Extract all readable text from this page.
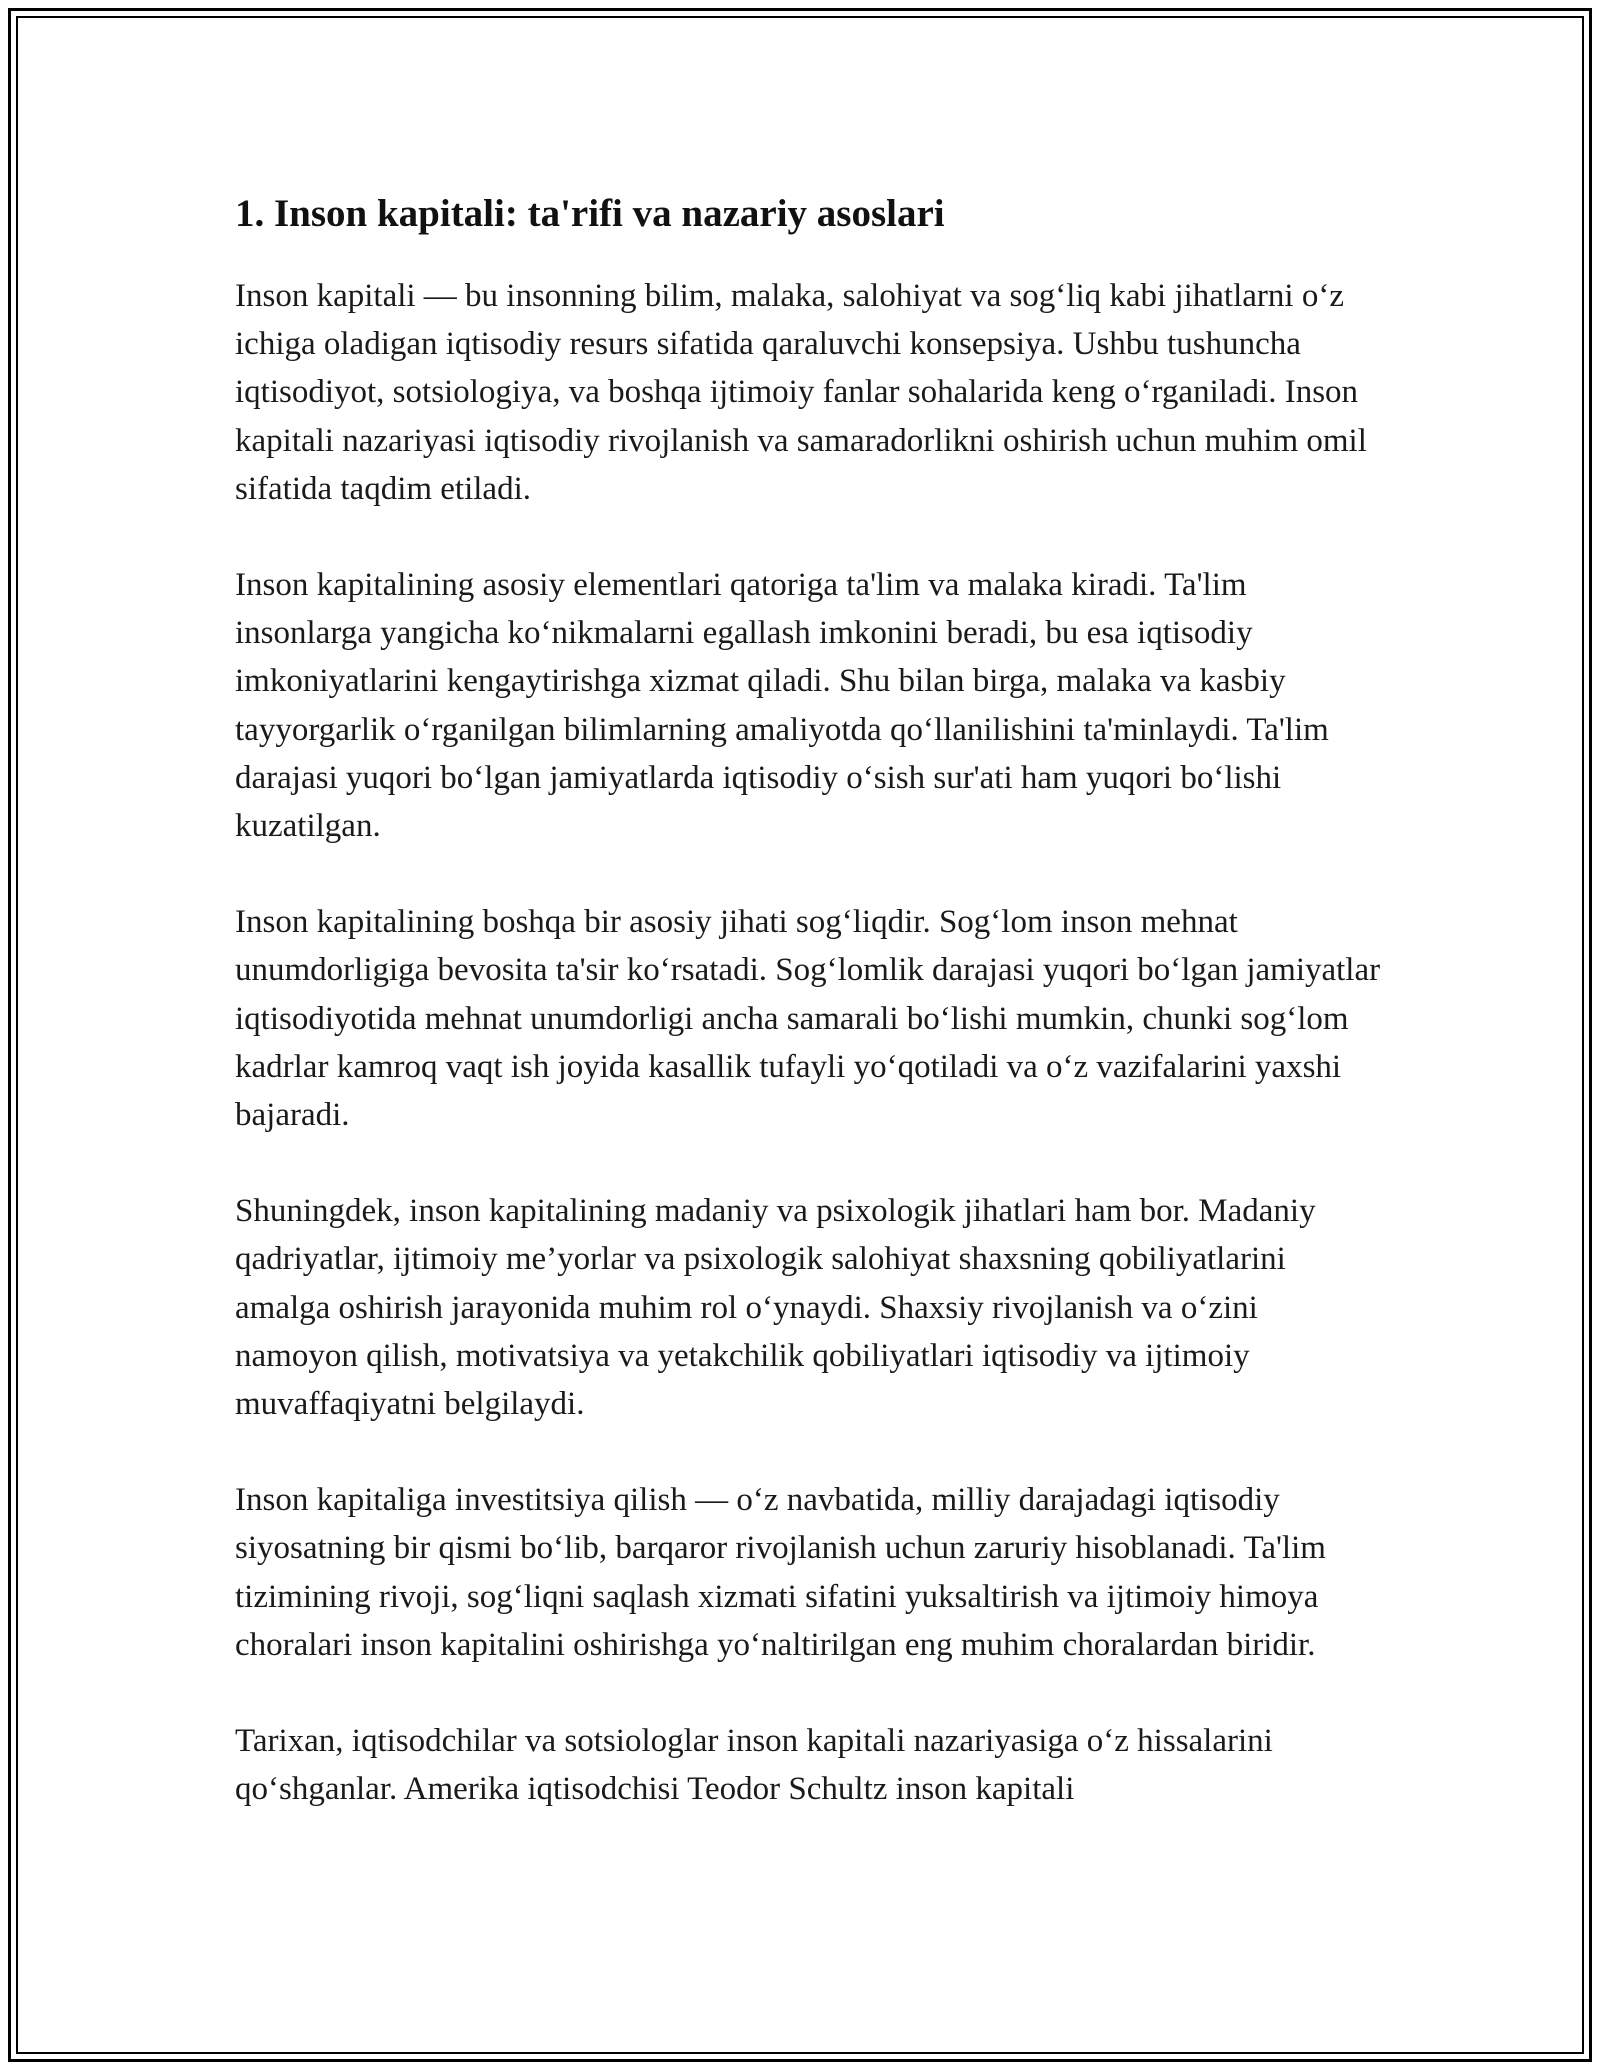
1. Inson kapitali: ta'rifi va nazariy asoslari

Inson kapitali — bu insonning bilim, malaka, salohiyat va sogʻliq kabi jihatlarni oʻz ichiga oladigan iqtisodiy resurs sifatida qaraluvchi konsepsiya. Ushbu tushuncha iqtisodiyot, sotsiologiya, va boshqa ijtimoiy fanlar sohalarida keng oʻrganiladi. Inson kapitali nazariyasi iqtisodiy rivojlanish va samaradorlikni oshirish uchun muhim omil sifatida taqdim etiladi.

Inson kapitalining asosiy elementlari qatoriga ta'lim va malaka kiradi. Ta'lim insonlarga yangicha koʻnikmalarni egallash imkonini beradi, bu esa iqtisodiy imkoniyatlarini kengaytirishga xizmat qiladi. Shu bilan birga, malaka va kasbiy tayyorgarlik oʻrganilgan bilimlarning amaliyotda qoʻllanilishini ta'minlaydi. Ta'lim darajasi yuqori boʻlgan jamiyatlarda iqtisodiy oʻsish sur'ati ham yuqori boʻlishi kuzatilgan.

Inson kapitalining boshqa bir asosiy jihati sogʻliqdir. Sogʻlom inson mehnat unumdorligiga bevosita ta'sir koʻrsatadi. Sogʻlomlik darajasi yuqori boʻlgan jamiyatlar iqtisodiyotida mehnat unumdorligi ancha samarali boʻlishi mumkin, chunki sogʻlom kadrlar kamroq vaqt ish joyida kasallik tufayli yoʻqotiladi va oʻz vazifalarini yaxshi bajaradi.

Shuningdek, inson kapitalining madaniy va psixologik jihatlari ham bor. Madaniy qadriyatlar, ijtimoiy me’yorlar va psixologik salohiyat shaxsning qobiliyatlarini amalga oshirish jarayonida muhim rol oʻynaydi. Shaxsiy rivojlanish va oʻzini namoyon qilish, motivatsiya va yetakchilik qobiliyatlari iqtisodiy va ijtimoiy muvaffaqiyatni belgilaydi.

Inson kapitaliga investitsiya qilish — oʻz navbatida, milliy darajadagi iqtisodiy siyosatning bir qismi boʻlib, barqaror rivojlanish uchun zaruriy hisoblanadi. Ta'lim tizimining rivoji, sogʻliqni saqlash xizmati sifatini yuksaltirish va ijtimoiy himoya choralari inson kapitalini oshirishga yoʻnaltirilgan eng muhim choralardan biridir.

Tarixan, iqtisodchilar va sotsiologlar inson kapitali nazariyasiga oʻz hissalarini qoʻshganlar. Amerika iqtisodchisi Teodor Schultz inson kapitali
